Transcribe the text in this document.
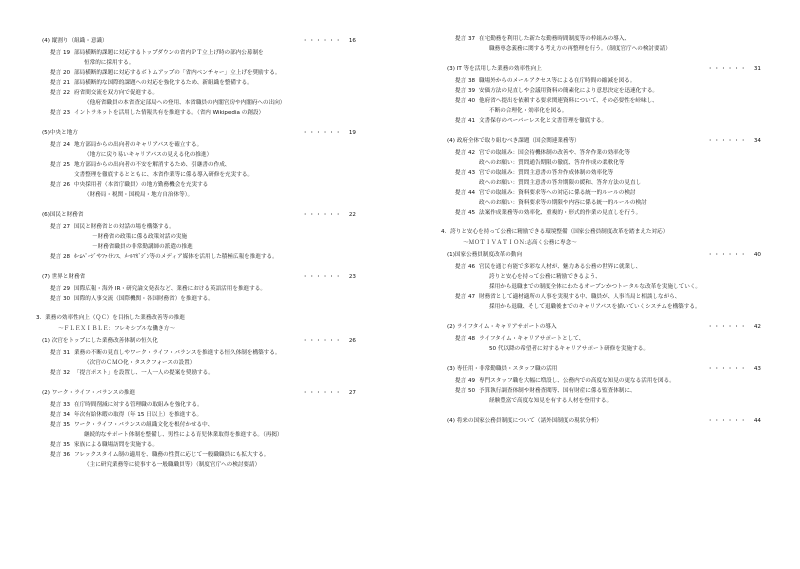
(4) 縦割り（組織・意識）	・・・・・・ 16
提言 19 部局横断的課題に対応するトップダウンの省内ＰＴ立上げ時の部内公募制を
恒常的に採用する。
提言 20 部局横断的課題に対応するボトムアップの「省内ベンチャー」立上げを奨励する。
提言 21 部局横断的な国際的課題への対応を強化するため、新組織を整備する。
提言 22 府省間交流を双方向で促進する。
（他府省職員の本省査定部局への登用、本省職員の内閣官房や内閣府への出向）
提言 23 イントラネットを活用した情報共有を推進する。（省内 Wikipedia の創設）
(5)中央と地方	・・・・・・ 19
提言 24 地方部局からの出向者のキャリアパスを確立する。
（地方に戻り易いキャリアパスの見える化の推進）
提言 25 地方部局からの出向者の不安を解消するため、引継書の作成、
文書整理を徹底するとともに、本省作業等に係る導入研修を充実する。
提言 26 中央採用者（本省庁職員）の地方勤務機会を充実する
（財務局・税関・国税局・地方自治体等）。
(6)国民と財務省	・・・・・・ 22
提言 27 国民と財務省との対話の場を構築する。
－財務省の政策に係る政策対話の実施
－財務省職員の非常勤講師の派遣の推進
提言 28 ﾎｰﾑﾍﾟｰｼﾞやﾌｧｲﾅﾝｽ、ﾒｰﾙﾏｶﾞｼﾞﾝ等のメディア媒体を活用した積極広報を推進する。
(7) 世界と財務省	・・・・・・ 23
提言 29 国際広報・海外 IR・研究論文発表など、業務における英語活用を推進する。
提言 30 国際的人事交流（国際機関・各国財務省）を推進する。
3．業務の効率性向上（ＱＣ）を目指した業務改善等の推進
～ＦＬＥＸＩＢＬＥ：フレキシブルな働き方～
(1) 次官をトップにした業務改善体制の恒久化	・・・・・・ 26
提言 31 業務の不断の見直しやワーク・ライフ・バランスを推進する恒久体制を構築する。
（次官のＣＭＯ化・タスクフォースの設置）
提言 32 「提言ポスト」を設置し、一人一人の提案を奨励する。
(2) ワーク・ライフ・バランスの推進	・・・・・・ 27
提言 33 在庁時間削減に対する管理職の取組みを強化する。
提言 34 年次有給休暇の取得（年 15 日以上）を推進する。
提言 35 ワーク・ライフ・バランスの組織文化を根付かせる中、
継続的なサポート体制を整備し、男性による育児休業取得を推進する。（再掲）
提言 35 家族による職場訪問を実施する。
提言 36 フレックスタイム制の適用を、職務の性質に応じて一般職職員にも拡大する。
（主に研究業務等に従事する一般職職員等）（制度官庁への検討要請）
提言 37 在宅勤務を利用した新たな勤務時間制度等の枠組みの導入、
職務専念義務に関する考え方の再整理を行う。（制度官庁への検討要請）
(3) IT 等を活用した業務の効率性向上	・・・・・・ 31
提言 38 職場外からのメールアクセス等による在庁時間の縮減を図る。
提言 39 安価方法の見直しや会議用資料の簡素化により意思決定を迅速化する。
提言 40 他府省へ提出を依頼する要求関連資料について、その必要性を峠味し、
不断の合理化・効率化を図る。
提言 41 文書保存のペーパーレス化と文書管理を徹底する。
(4) 政府全体で取り組むべき課題（国会関連業務等）	・・・・・・ 34
提言 42 官での取組み：国会待機体制の改善や、答弁作業の効率化等
政へのお願い：質問通告期限の徹底、答弁作成の柔軟化等
提言 43 官での取組み：質問主意書の答弁作成体制の効率化等
政へのお願い：質問主意書の答弁期限の緩和、答弁方法の見直し
提言 44 官での取組み：資料要求等への対応に係る統一的ルールの検討
政へのお願い：資料要求等の期限や内容に係る統一的ルールの検討
提言 45 法案作成業務等の効率化、重複的・形式的作業の見直しを行う。
4．誇りと安心を持って公務に精励できる環境整備（国家公務員制度改革を踏まえた対応）
～ＭＯＴＩＶＡＴＩＯＮ:志高く公務に専念～
(1)国家公務員制度改革の動向	・・・・・・ 40
提言 46 官民を通じ有能で多彩な人材が、魅力ある公務の世界に就業し、
誇りと安心を持って公務に精励できるよう、
採用から退職までの制度全体にわたるオープンかつトータルな改革を実施していく。
提言 47 財務省として適材適所の人事を実現する中、職員が、人事当局と相談しながら、
採用から退職、そして退職後までのキャリアパスを描いていくシステムを構築する。
(2) ライフタイム・キャリアサポートの導入	・・・・・・ 42
提言 48 ライフタイム・キャリアサポートとして、
50 代以降の希望者に対するキャリアサポート研修を実施する。
(3) 専任用・非常勤職員・スタッフ職の活用	・・・・・・ 43
提言 49 専門スタッフ職を大幅に増設し、公務内での高度な知見の更なる活用を図る。
提言 50 予算執行調査体制や財務査閲等、国有財産に係る監査体制に、
経験豊富で高度な知見を有する人材を登用する。
(4) 将来の国家公務員制度について（諸外国制度の現状分析）	・・・・・・ 44
